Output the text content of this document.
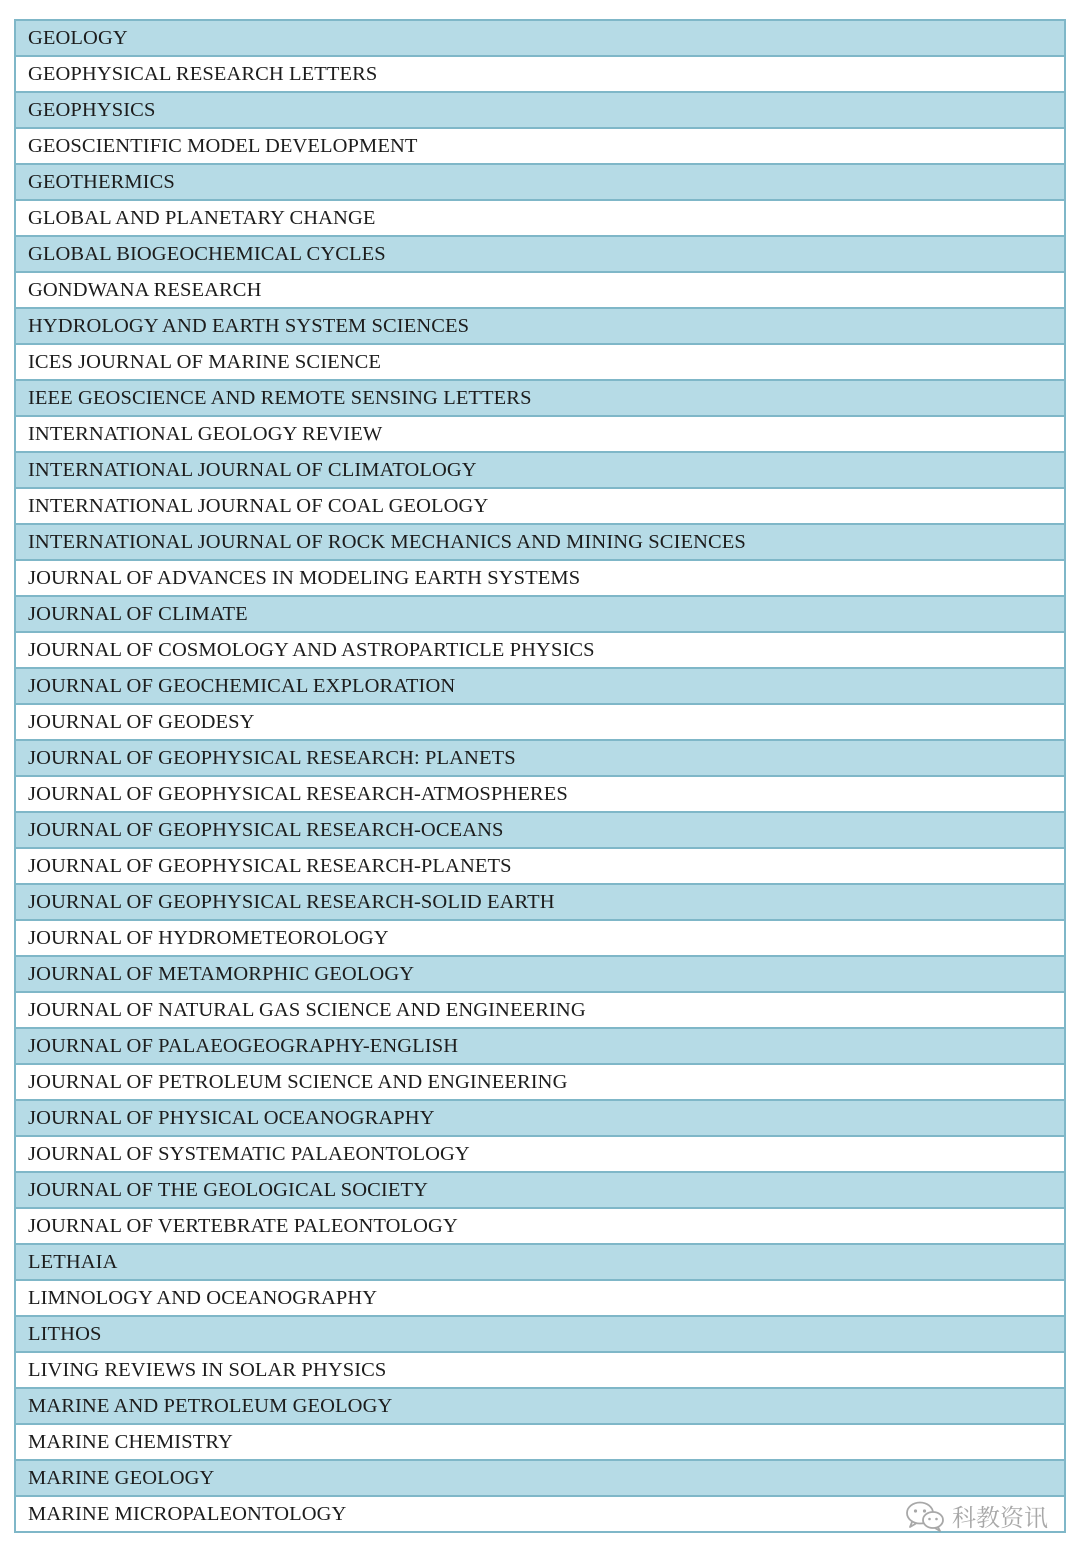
GEOLOGY
GEOPHYSICAL RESEARCH LETTERS
GEOPHYSICS
GEOSCIENTIFIC MODEL DEVELOPMENT
GEOTHERMICS
GLOBAL AND PLANETARY CHANGE
GLOBAL BIOGEOCHEMICAL CYCLES
GONDWANA RESEARCH
HYDROLOGY AND EARTH SYSTEM SCIENCES
ICES JOURNAL OF MARINE SCIENCE
IEEE GEOSCIENCE AND REMOTE SENSING LETTERS
INTERNATIONAL GEOLOGY REVIEW
INTERNATIONAL JOURNAL OF CLIMATOLOGY
INTERNATIONAL JOURNAL OF COAL GEOLOGY
INTERNATIONAL JOURNAL OF ROCK MECHANICS AND MINING SCIENCES
JOURNAL OF ADVANCES IN MODELING EARTH SYSTEMS
JOURNAL OF CLIMATE
JOURNAL OF COSMOLOGY AND ASTROPARTICLE PHYSICS
JOURNAL OF GEOCHEMICAL EXPLORATION
JOURNAL OF GEODESY
JOURNAL OF GEOPHYSICAL RESEARCH: PLANETS
JOURNAL OF GEOPHYSICAL RESEARCH-ATMOSPHERES
JOURNAL OF GEOPHYSICAL RESEARCH-OCEANS
JOURNAL OF GEOPHYSICAL RESEARCH-PLANETS
JOURNAL OF GEOPHYSICAL RESEARCH-SOLID EARTH
JOURNAL OF HYDROMETEOROLOGY
JOURNAL OF METAMORPHIC GEOLOGY
JOURNAL OF NATURAL GAS SCIENCE AND ENGINEERING
JOURNAL OF PALAEOGEOGRAPHY-ENGLISH
JOURNAL OF PETROLEUM SCIENCE AND ENGINEERING
JOURNAL OF PHYSICAL OCEANOGRAPHY
JOURNAL OF SYSTEMATIC PALAEONTOLOGY
JOURNAL OF THE GEOLOGICAL SOCIETY
JOURNAL OF VERTEBRATE PALEONTOLOGY
LETHAIA
LIMNOLOGY AND OCEANOGRAPHY
LITHOS
LIVING REVIEWS IN SOLAR PHYSICS
MARINE AND PETROLEUM GEOLOGY
MARINE CHEMISTRY
MARINE GEOLOGY
MARINE MICROPALEONTOLOGY	科教资讯
